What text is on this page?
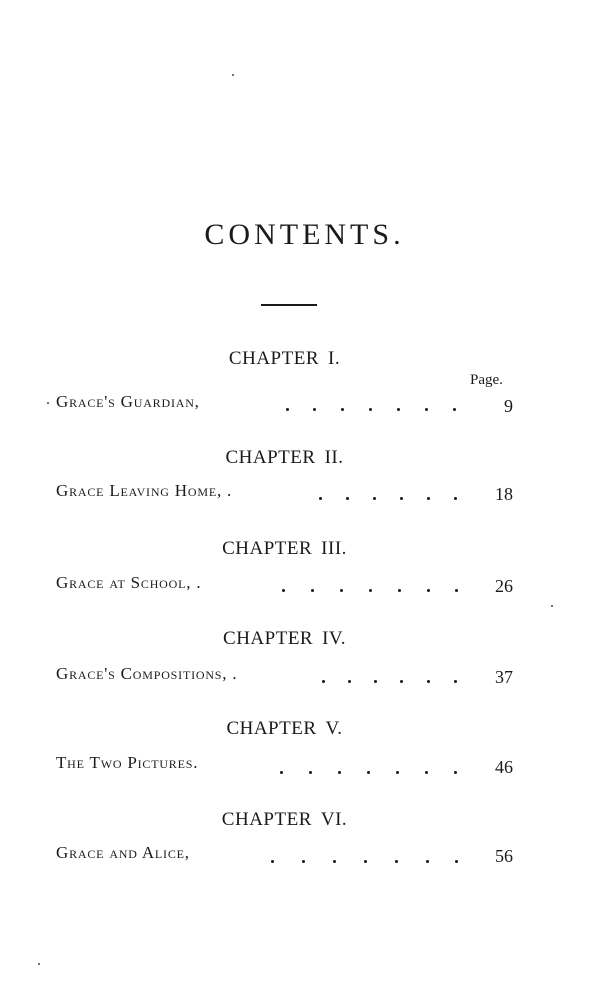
CONTENTS.

CHAPTER I.

Page.

Grace's Guardian,	9

CHAPTER II.

Grace Leaving Home, .	18

CHAPTER III.

Grace at School, .	26

CHAPTER IV.

Grace's Compositions, .	37

CHAPTER V.

The Two Pictures.	46

CHAPTER VI.

Grace and Alice,	56
